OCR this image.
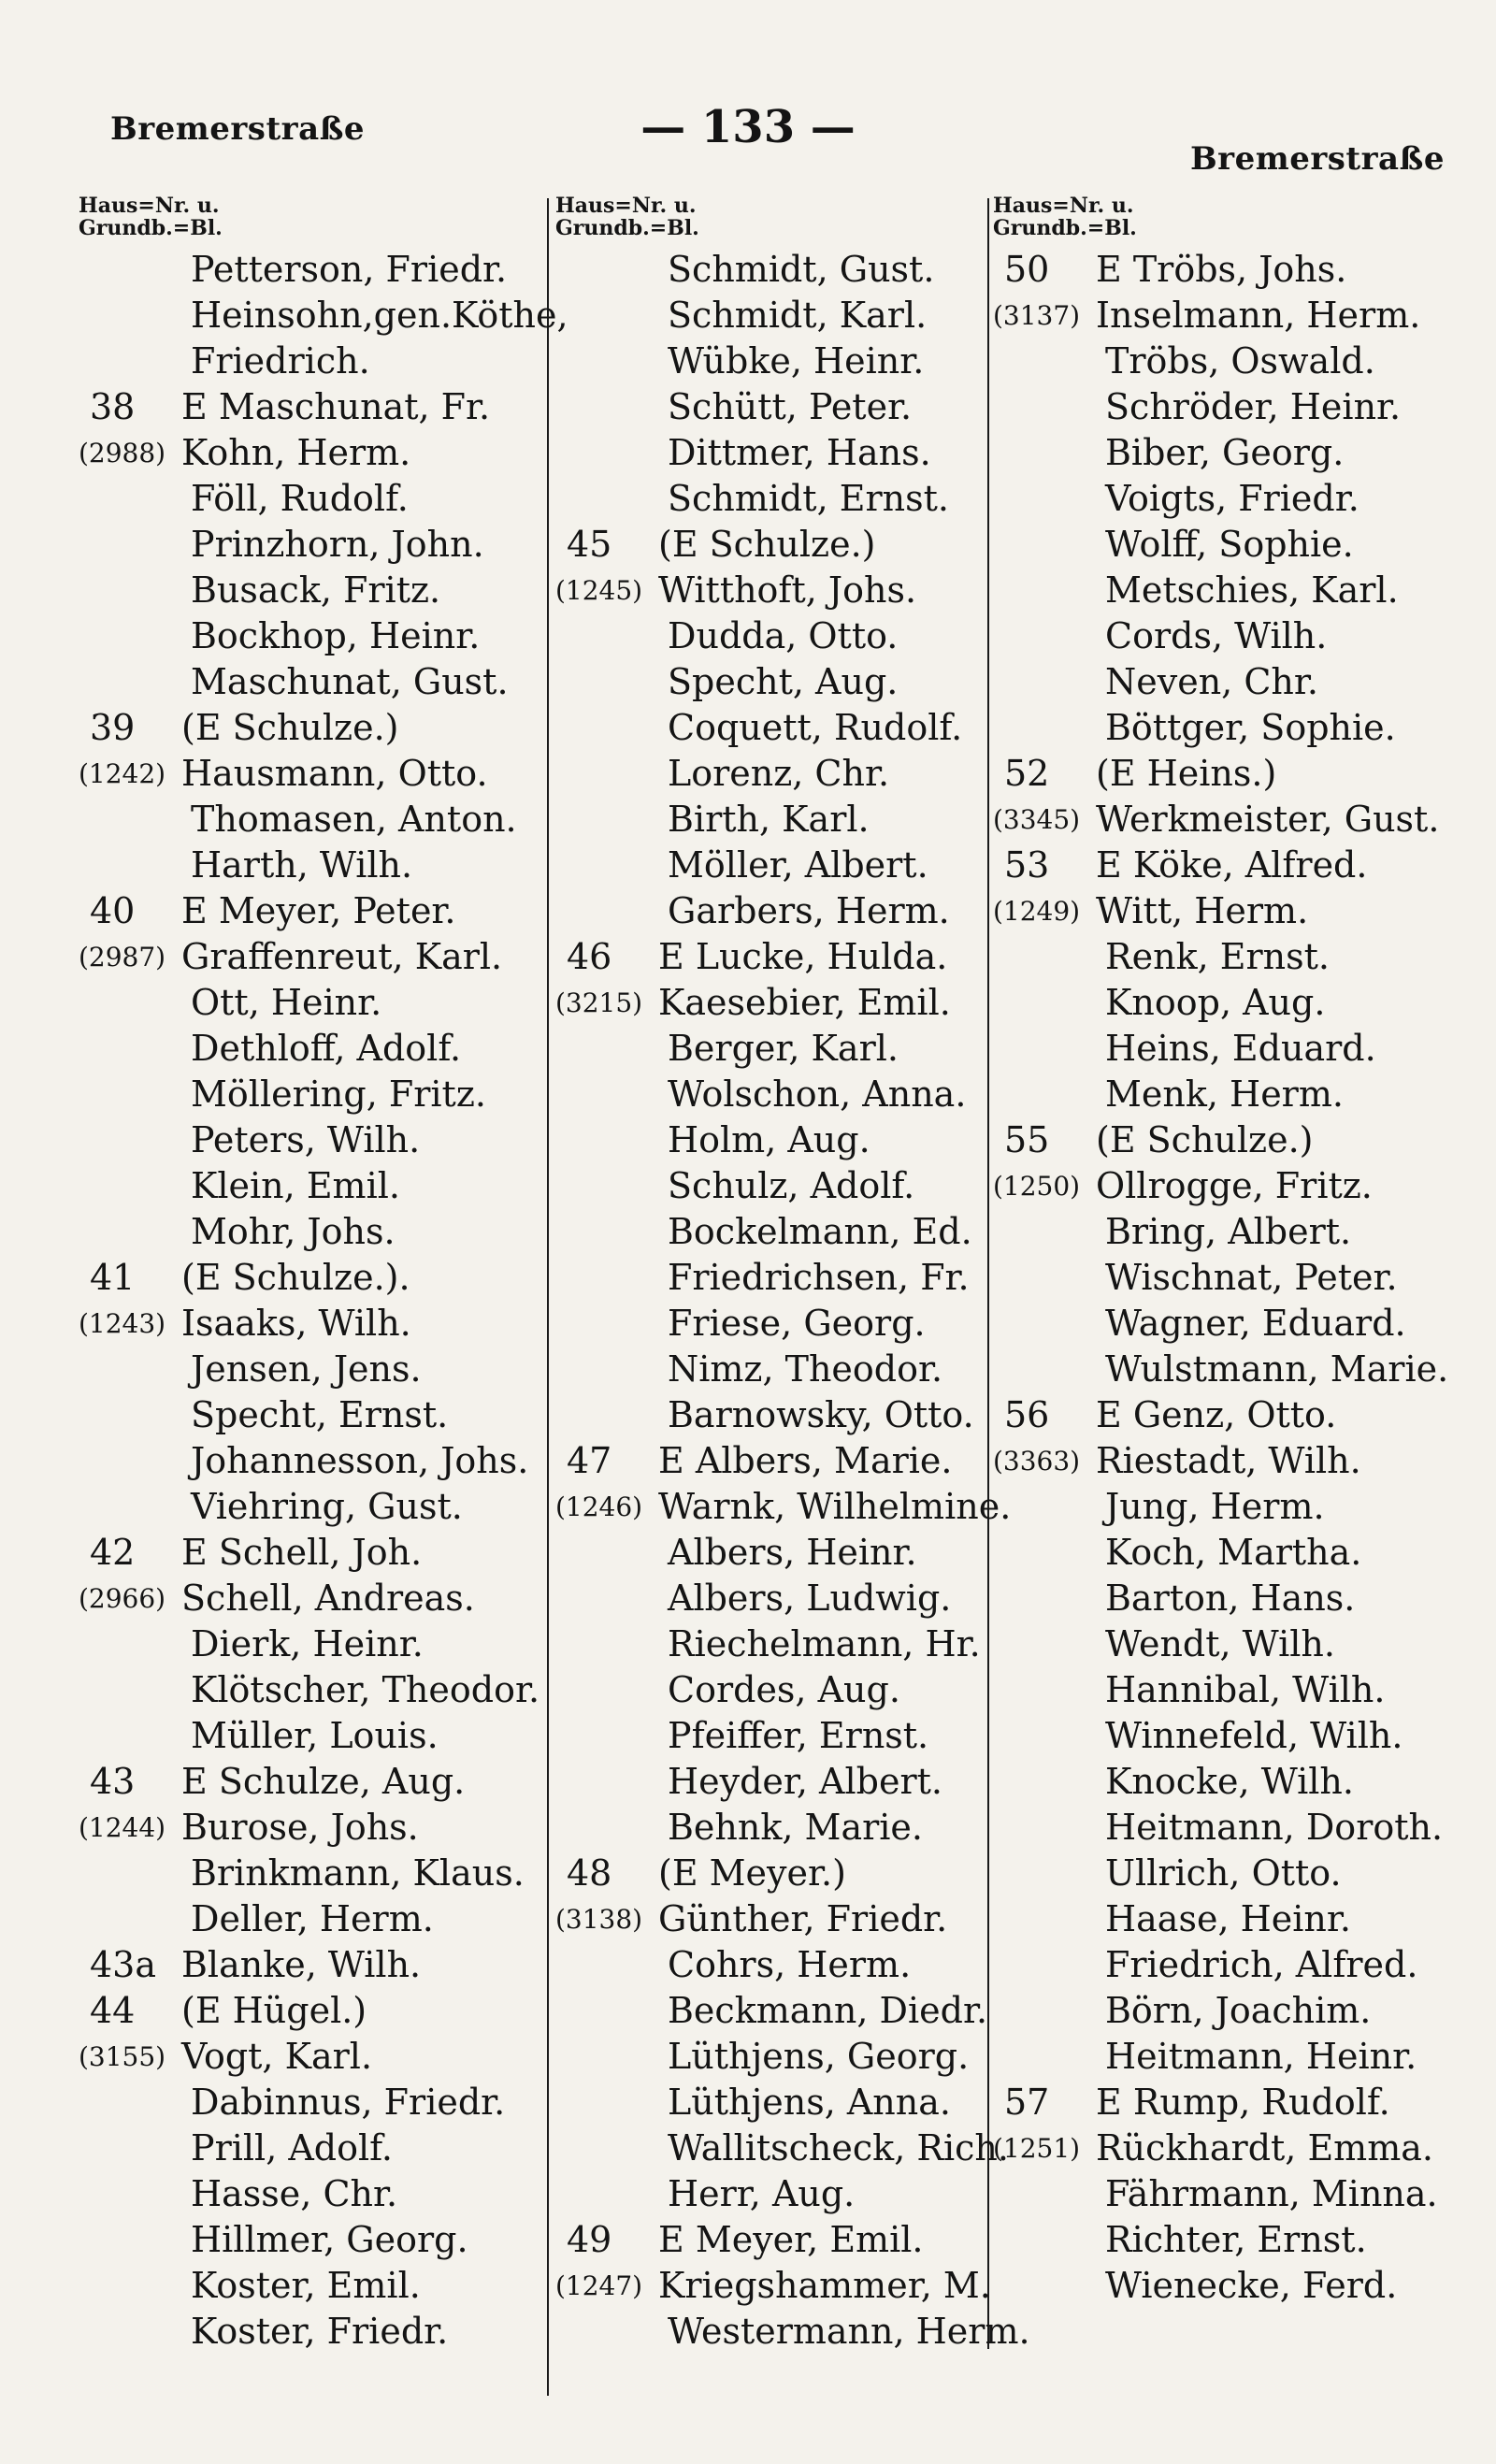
Bremerstraße	— 133 —
Bremerstraße
Haus=Nr. u.
Grundb.=Bl.
Petterson, Friedr.
Heinsohn,gen.Köthe,
Friedrich.
38 E Maschunat, Fr.
(2988) Kohn, Herm.
Föll, Rudolf.
Prinzhorn, John.
Busack, Fritz.
Bockhop, Heinr.
Maschunat, Gust.
39 (E Schulze.)
(1242) Hausmann, Otto.
Thomasen, Anton.
Harth, Wilh.
40 E Meyer, Peter.
(2987) Graffenreut, Karl.
Ott, Heinr.
Dethloff, Adolf.
Möllering, Fritz.
Peters, Wilh.
Klein, Emil.
Mohr, Johs.
41 (E Schulze.).
(1243) Isaaks, Wilh.
Jensen, Jens.
Specht, Ernst.
Johannesson, Johs.
Viehring, Gust.
42 E Schell, Joh.
(2966) Schell, Andreas.
Dierk, Heinr.
Klötscher, Theodor.
Müller, Louis.
43 E Schulze, Aug.
(1244) Burose, Johs.
Brinkmann, Klaus.
Deller, Herm.
43a Blanke, Wilh.
44 (E Hügel.)
(3155) Vogt, Karl.
Dabinnus, Friedr.
Prill, Adolf.
Hasse, Chr.
Hillmer, Georg.
Koster, Emil.
Koster, Friedr.
Haus=Nr. u.
Grundb.=Bl.
Schmidt, Gust.
Schmidt, Karl.
Wübke, Heinr.
Schütt, Peter.
Dittmer, Hans.
Schmidt, Ernst.
45 (E Schulze.)
(1245) Witthoft, Johs.
Dudda, Otto.
Specht, Aug.
Coquett, Rudolf.
Lorenz, Chr.
Birth, Karl.
Möller, Albert.
Garbers, Herm.
46 E Lucke, Hulda.
(3215) Kaesebier, Emil.
Berger, Karl.
Wolschon, Anna.
Holm, Aug.
Schulz, Adolf.
Bockelmann, Ed.
Friedrichsen, Fr.
Friese, Georg.
Nimz, Theodor.
Barnowsky, Otto.
47 E Albers, Marie.
(1246) Warnk, Wilhelmine.
Albers, Heinr.
Albers, Ludwig.
Riechelmann, Hr.
Cordes, Aug.
Pfeiffer, Ernst.
Heyder, Albert.
Behnk, Marie.
48 (E Meyer.)
(3138) Günther, Friedr.
Cohrs, Herm.
Beckmann, Diedr.
Lüthjens, Georg.
Lüthjens, Anna.
Wallitscheck, Rich.
Herr, Aug.
49 E Meyer, Emil.
(1247) Kriegshammer, M.
Westermann, Herm.
Haus=Nr. u.
Grundb.=Bl.
50 E Tröbs, Johs.
(3137) Inselmann, Herm.
Tröbs, Oswald.
Schröder, Heinr.
Biber, Georg.
Voigts, Friedr.
Wolff, Sophie.
Metschies, Karl.
Cords, Wilh.
Neven, Chr.
Böttger, Sophie.
52 (E Heins.)
(3345) Werkmeister, Gust.
53 E Köke, Alfred.
(1249) Witt, Herm.
Renk, Ernst.
Knoop, Aug.
Heins, Eduard.
Menk, Herm.
55 (E Schulze.)
(1250) Ollrogge, Fritz.
Bring, Albert.
Wischnat, Peter.
Wagner, Eduard.
Wulstmann, Marie.
56 E Genz, Otto.
(3363) Riestadt, Wilh.
Jung, Herm.
Koch, Martha.
Barton, Hans.
Wendt, Wilh.
Hannibal, Wilh.
Winnefeld, Wilh.
Knocke, Wilh.
Heitmann, Doroth.
Ullrich, Otto.
Haase, Heinr.
Friedrich, Alfred.
Börn, Joachim.
Heitmann, Heinr.
57 E Rump, Rudolf.
(1251) Rückhardt, Emma.
Fährmann, Minna.
Richter, Ernst.
Wienecke, Ferd.
